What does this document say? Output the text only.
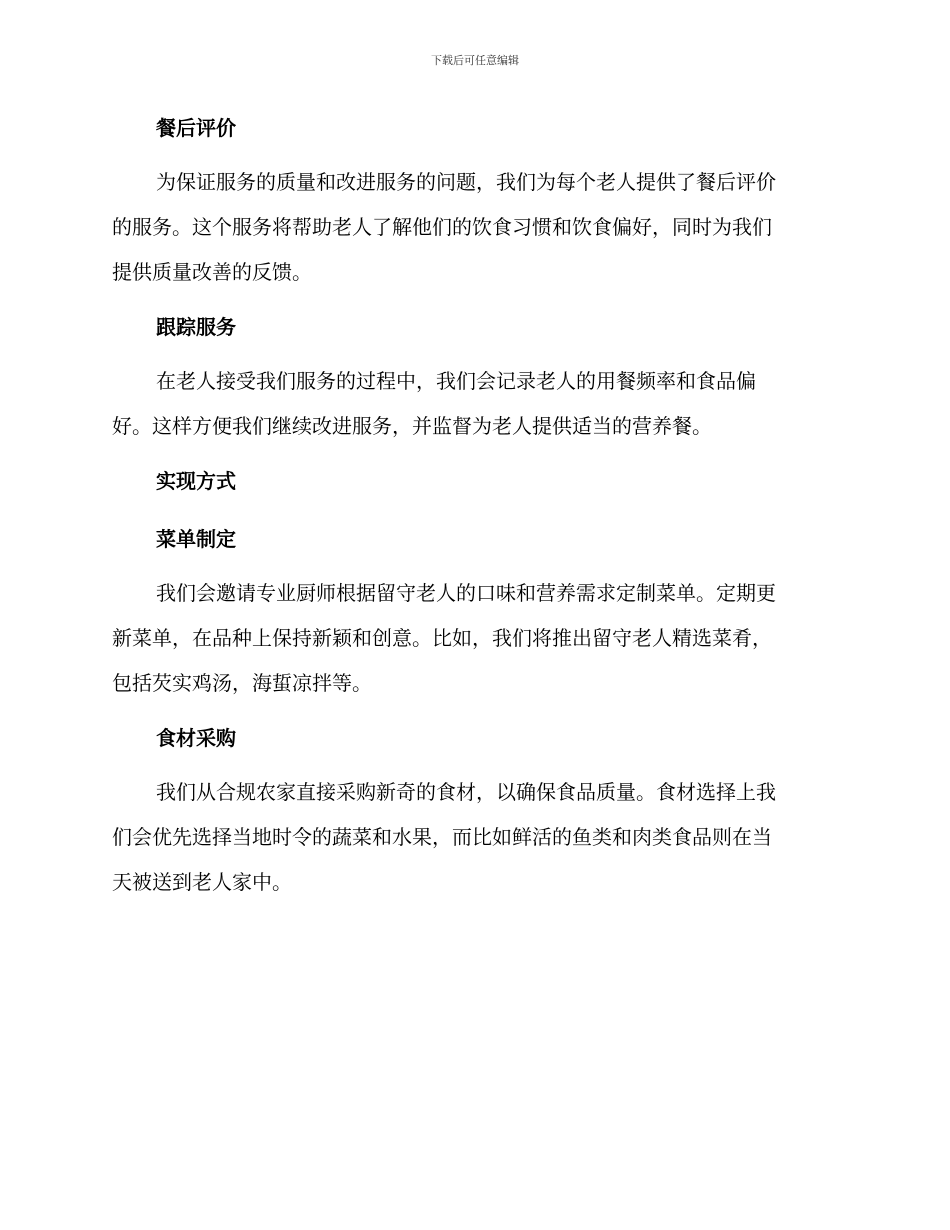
下载后可任意编辑
餐后评价
为保证服务的质量和改进服务的问题，我们为每个老人提供了餐后评价
的服务。这个服务将帮助老人了解他们的饮食习惯和饮食偏好，同时为我们
提供质量改善的反馈。
跟踪服务
在老人接受我们服务的过程中，我们会记录老人的用餐频率和食品偏
好。这样方便我们继续改进服务，并监督为老人提供适当的营养餐。
实现方式
菜单制定
我们会邀请专业厨师根据留守老人的口味和营养需求定制菜单。定期更
新菜单，在品种上保持新颖和创意。比如，我们将推出留守老人精选菜肴，
包括芡实鸡汤，海蜇凉拌等。
食材采购
我们从合规农家直接采购新奇的食材，以确保食品质量。食材选择上我
们会优先选择当地时令的蔬菜和水果，而比如鲜活的鱼类和肉类食品则在当
天被送到老人家中。
